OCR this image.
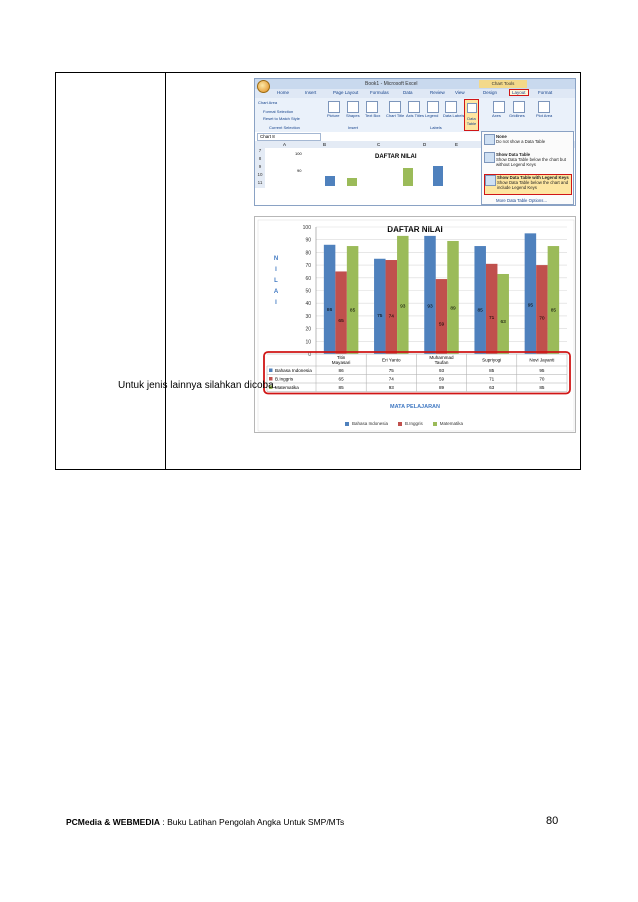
Book1 - Microsoft Excel	Chart Tools
Home	Insert	Page Layout	Formulas	Data	Review View	Design	Layout	Format
Chart Area
Format Selection
Reset to Match Style
Current Selection
Picture Shapes Text Box
Insert
Chart Title Axis Titles Legend Data Labels
Labels
Axes Gridlines	Plot Area
Data Table
Chart 8
A	B	C	D	E
DAFTAR NILAI
100
90
7
8
9
10
11
None
Do not show a Data Table
Show Data Table
Show Data Table below the chart but without Legend Keys
Show Data Table with Legend Keys
Show Data Table below the chart and include Legend Keys
More Data Table Options...
DAFTAR NILAI
N
I
L
A
I
0
10
20
30
40
50
60
70
80
90
100
86
65
85
75 74
93	93
59
89	85
71
63
95
70
85
Titin Mayasari	Eri Yanto	Muhammad Taufan	Supriyogi	Novi Jayanti
Bahasa Indonesia	86	75	93	85	95
B.Inggris	65	74	59	71	70
Matematika	85	93	89	63	85
MATA PELAJARAN
Bahasa Indonesia	B.Inggris	Matematika
Untuk jenis lainnya silahkan dicoba.
PCMedia & WEBMEDIA : Buku Latihan Pengolah Angka Untuk SMP/MTs	80
